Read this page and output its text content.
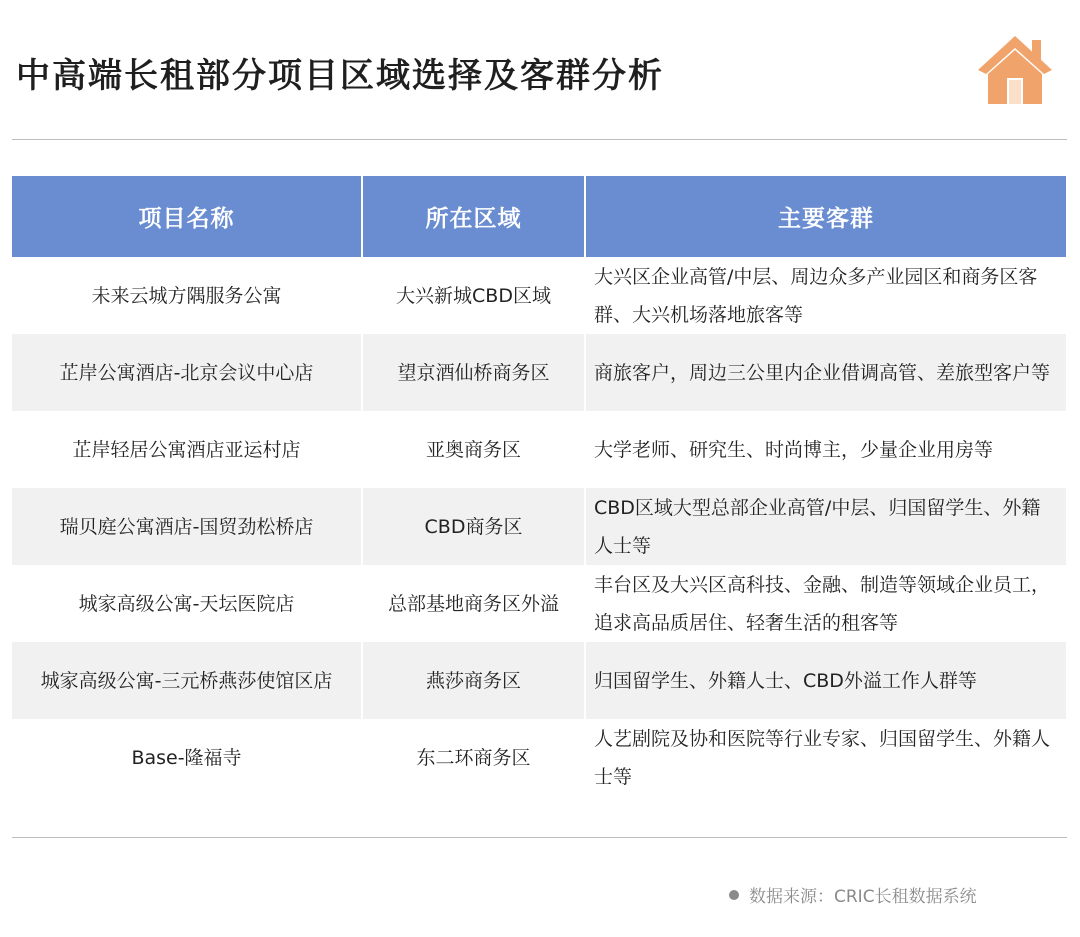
中高端长租部分项目区域选择及客群分析
项目名称	所在区域	主要客群
未来云城方隅服务公寓	大兴新城CBD区域	大兴区企业高管/中层、周边众多产业园区和商务区客群、大兴机场落地旅客等
芷岸公寓酒店-北京会议中心店	望京酒仙桥商务区	商旅客户，周边三公里内企业借调高管、差旅型客户等
芷岸轻居公寓酒店亚运村店	亚奥商务区	大学老师、研究生、时尚博主，少量企业用房等
瑞贝庭公寓酒店-国贸劲松桥店	CBD商务区	CBD区域大型总部企业高管/中层、归国留学生、外籍人士等
城家高级公寓-天坛医院店	总部基地商务区外溢	丰台区及大兴区高科技、金融、制造等领域企业员工，追求高品质居住、轻奢生活的租客等
城家高级公寓-三元桥燕莎使馆区店	燕莎商务区	归国留学生、外籍人士、CBD外溢工作人群等
Base-隆福寺	东二环商务区	人艺剧院及协和医院等行业专家、归国留学生、外籍人士等
数据来源：CRIC长租数据系统
